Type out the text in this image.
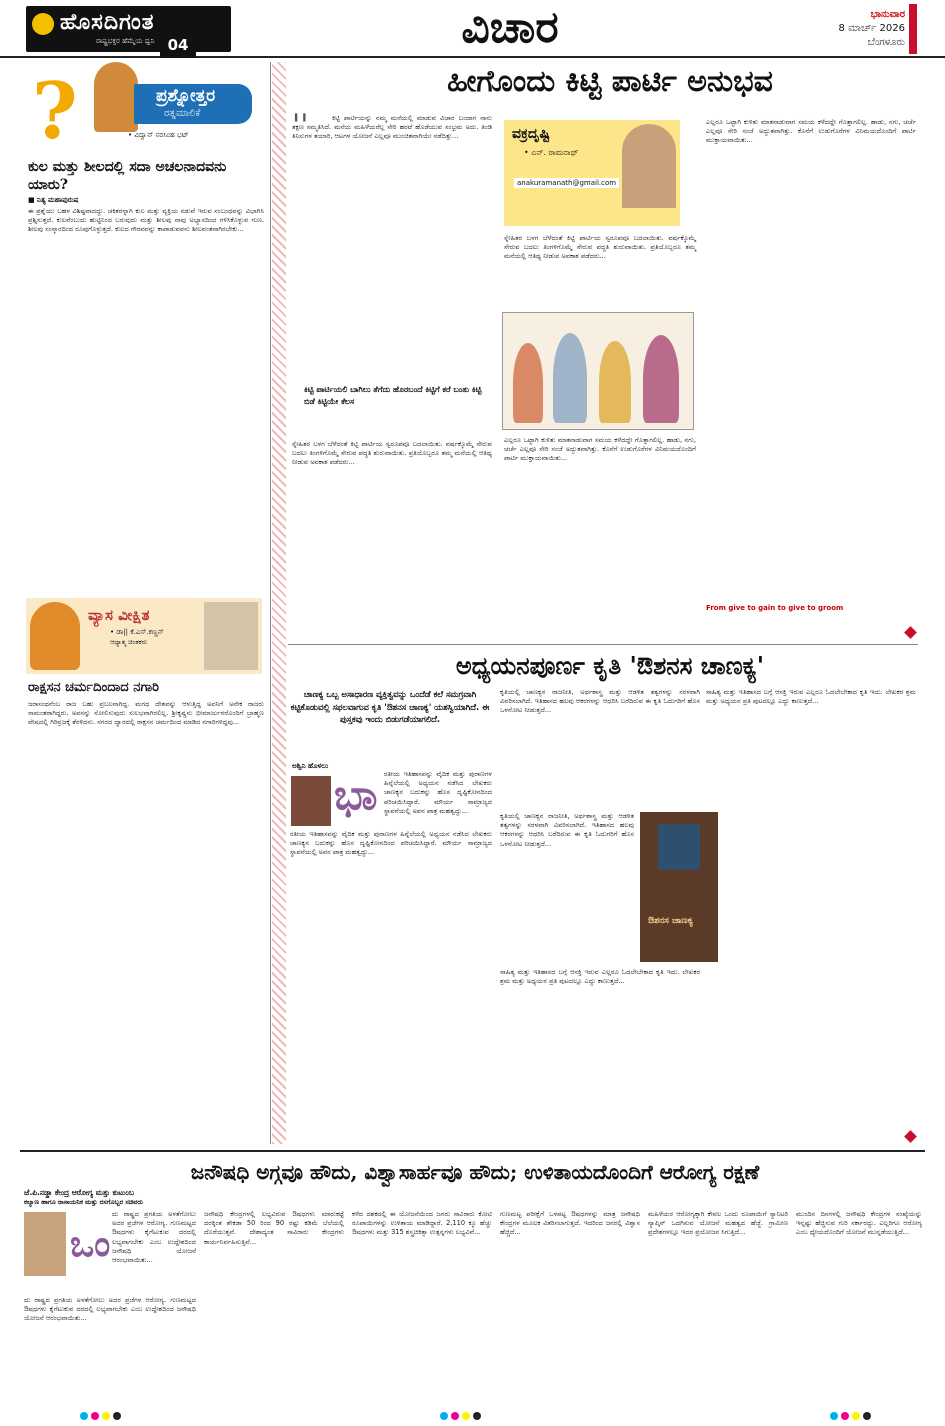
ಹೊಸದಿಗಂತ
ರಾಷ್ಟ್ರಭಕ್ತರ ಹೆಮ್ಮೆಯ ಧ್ವನಿ 04	ವಿಚಾರ	ಭಾನುವಾರ
8 ಮಾರ್ಚ್ 2026
ಬೆಂಗಳೂರು
?	ಪ್ರಶ್ನೋತ್ತರ
ರತ್ನಮಾಲಿಕೆ
• ವಿದ್ವಾನ್ ನರಸಿಂಹ ಭಟ್
ಕುಲ ಮತ್ತು ಶೀಲದಲ್ಲಿ ಸದಾ ಅಚಲನಾದವನು ಯಾರು?
■ ನಿತ್ಯ ಮಹಾಪುರುಷ
ಈ ಪ್ರಶ್ನೆಯು ಬಹಳ ವಿಶಿಷ್ಟವಾದದ್ದು. ಚಕಿತರನ್ನಾಗಿ ಕುಲ ಮತ್ತು ವ್ಯಕ್ತಿಯ ನಡುವೆ ಇರುವ ಸಂಬಂಧವನ್ನು ವಿಭಾಗಿಸಿ ಪ್ರಶ್ನಿಸುತ್ತದೆ. ಕುಲವೆಂಬುದು ಹುಟ್ಟಿನಿಂದ ಬರುವುದು ಮತ್ತು ಶೀಲವು ನಾವು ಅಭ್ಯಾಸದಿಂದ ಗಳಿಸಿಕೊಳ್ಳುವ ಗುಣ. ಶೀಲವು ಸಂಸ್ಕಾರದಿಂದ ರೂಪುಗೊಳ್ಳುತ್ತದೆ. ಕುಲದ ಗೌರವವನ್ನು ಕಾಪಾಡುವವನು ಶೀಲವಂತನಾಗಿರಬೇಕು...
ವ್ಯಾಸ ವೀಕ್ಷಿತ
• ಡಾ|| ಕೆ.ಎಸ್.ಕಣ್ಣನ್
ಆಧ್ಯಾತ್ಮ ಚಿಂತಕರು
ರಾಕ್ಷಸನ ಚರ್ಮದಿಂದಾದ ನಗಾರಿ
ಜರಾಸಂಧನೆಂಬ ರಾಜ ಬಹು ಪ್ರಬಲನಾಗಿದ್ದ. ಮಗಧ ದೇಶವನ್ನು ಆಳುತ್ತಿದ್ದ ಅವನಿಗೆ ಅನೇಕ ರಾಜರು ಸಾಮಂತರಾಗಿದ್ದರು. ಅವನನ್ನು ಸೋಲಿಸುವುದು ಸುಲಭವಾಗಿರಲಿಲ್ಲ. ಶ್ರೀಕೃಷ್ಣನು ಭೀಮಾರ್ಜುನರೊಂದಿಗೆ ಬ್ರಾಹ್ಮಣ ವೇಷದಲ್ಲಿ ಗಿರಿವ್ರಜಕ್ಕೆ ತೆರಳಿದನು. ನಗರದ ದ್ವಾರದಲ್ಲಿ ರಾಕ್ಷಸನ ಚರ್ಮದಿಂದ ಮಾಡಿದ ನಗಾರಿಗಳಿದ್ದವು...
ಹೀಗೊಂದು ಕಿಟ್ಟಿ ಪಾರ್ಟಿ ಅನುಭವ
''	ಕಿಟ್ಟಿ ಪಾರ್ಟಿಯನ್ನು ನಮ್ಮ ಮನೆಯಲ್ಲಿ ಮಾಡುವ ವಿಚಾರ ಬಂದಾಗ ನಾನು ತಕ್ಷಣ ಸಮ್ಮತಿಸಿದೆ. ಮನೆಯ ಮಹಿಳೆಯರೆಲ್ಲ ಸೇರಿ ಹರಟೆ ಹೊಡೆಯುವ ಸಂಭ್ರಮ ಅದು. ತಿಂಡಿ ತಿನಿಸುಗಳ ತಯಾರಿ, ಆಟಗಳ ಯೋಜನೆ ಎಲ್ಲವೂ ಮುಂಚಿತವಾಗಿಯೇ ನಡೆದಿತ್ತು...
ಕಿಟ್ಟಿ ಪಾರ್ಟಿಯಲಿ ಬಾಗಿಲು ತೆಗೆದು ಹೊರಬಂದೆ ಕಿಟ್ಟಿಗೆ ಕರೆ ಬಂತು ಕಿಟ್ಟಿ ಬಿಡೆ ಕಿಟ್ಟಿಯೇ ಕೆಲಸ
ಸ್ನೇಹಿತರ ಬಳಗ ಬೆಳೆದಂತೆ ಕಿಟ್ಟಿ ಪಾರ್ಟಿಯ ಸ್ವರೂಪವೂ ಬದಲಾಯಿತು. ವರ್ಷಕ್ಕೊಮ್ಮೆ ಸೇರುವ ಬದಲು ತಿಂಗಳಿಗೊಮ್ಮೆ ಸೇರುವ ಪದ್ಧತಿ ಶುರುವಾಯಿತು. ಪ್ರತಿಯೊಬ್ಬರೂ ತಮ್ಮ ಮನೆಯಲ್ಲಿ ಆತಿಥ್ಯ ನೀಡುವ ಅವಕಾಶ ಪಡೆದರು...
ವಕ್ರದೃಷ್ಟಿ
• ಎನ್. ರಾಮನಾಥ್
anakuramanath@gmail.com
ಸ್ನೇಹಿತರ ಬಳಗ ಬೆಳೆದಂತೆ ಕಿಟ್ಟಿ ಪಾರ್ಟಿಯ ಸ್ವರೂಪವೂ ಬದಲಾಯಿತು. ವರ್ಷಕ್ಕೊಮ್ಮೆ ಸೇರುವ ಬದಲು ತಿಂಗಳಿಗೊಮ್ಮೆ ಸೇರುವ ಪದ್ಧತಿ ಶುರುವಾಯಿತು. ಪ್ರತಿಯೊಬ್ಬರೂ ತಮ್ಮ ಮನೆಯಲ್ಲಿ ಆತಿಥ್ಯ ನೀಡುವ ಅವಕಾಶ ಪಡೆದರು...
ಎಲ್ಲರೂ ಒಟ್ಟಾಗಿ ಕುಳಿತು ಮಾತನಾಡುವಾಗ ಸಮಯ ಕಳೆದದ್ದೇ ಗೊತ್ತಾಗಲಿಲ್ಲ. ಹಾಡು, ನಗು, ಚರ್ಚೆ ಎಲ್ಲವೂ ಸೇರಿ ಸಂಜೆ ಅದ್ಭುತವಾಗಿತ್ತು. ಕೊನೆಗೆ ಉಡುಗೊರೆಗಳ ವಿನಿಮಯದೊಂದಿಗೆ ಪಾರ್ಟಿ ಮುಕ್ತಾಯವಾಯಿತು...
ಎಲ್ಲರೂ ಒಟ್ಟಾಗಿ ಕುಳಿತು ಮಾತನಾಡುವಾಗ ಸಮಯ ಕಳೆದದ್ದೇ ಗೊತ್ತಾಗಲಿಲ್ಲ. ಹಾಡು, ನಗು, ಚರ್ಚೆ ಎಲ್ಲವೂ ಸೇರಿ ಸಂಜೆ ಅದ್ಭುತವಾಗಿತ್ತು. ಕೊನೆಗೆ ಉಡುಗೊರೆಗಳ ವಿನಿಮಯದೊಂದಿಗೆ ಪಾರ್ಟಿ ಮುಕ್ತಾಯವಾಯಿತು...
From give to gain to give to groom
ಅಧ್ಯಯನಪೂರ್ಣ ಕೃತಿ 'ಔಶನಸ ಚಾಣಕ್ಯ'
ಚಾಣಕ್ಯ ಒಬ್ಬ ಅಸಾಧಾರಣ ವ್ಯಕ್ತಿತ್ವವನ್ನು ಒಂದೆಡೆ ಕಲೆ ಸಮಗ್ರವಾಗಿ ಕಟ್ಟಿಕೊಡುವಲ್ಲಿ ಸಫಲವಾಗುವ ಕೃತಿ 'ಔಶನಸ ಚಾಣಕ್ಯ' ಯಶಸ್ವಿಯಾಗಿದೆ. ಈ ಪುಸ್ತಕವು ಇಂದು ಬಿಡುಗಡೆಯಾಗಲಿದೆ.
ಅಶ್ವಿನಿ ಹೊಳಲು
ಭಾ ರತೀಯ ಇತಿಹಾಸವನ್ನು ವೈದಿಕ ಮತ್ತು ಪುರಾಣಗಳ ಹಿನ್ನೆಲೆಯಲ್ಲಿ ಅಧ್ಯಯನ ನಡೆಸಿದ ಲೇಖಕರು ಚಾಣಕ್ಯನ ಬದುಕನ್ನು ಹೊಸ ದೃಷ್ಟಿಕೋನದಿಂದ ಪರಿಚಯಿಸಿದ್ದಾರೆ. ಮೌರ್ಯ ಸಾಮ್ರಾಜ್ಯದ ಸ್ಥಾಪನೆಯಲ್ಲಿ ಅವನ ಪಾತ್ರ ಮಹತ್ವದ್ದು...
ರತೀಯ ಇತಿಹಾಸವನ್ನು ವೈದಿಕ ಮತ್ತು ಪುರಾಣಗಳ ಹಿನ್ನೆಲೆಯಲ್ಲಿ ಅಧ್ಯಯನ ನಡೆಸಿದ ಲೇಖಕರು ಚಾಣಕ್ಯನ ಬದುಕನ್ನು ಹೊಸ ದೃಷ್ಟಿಕೋನದಿಂದ ಪರಿಚಯಿಸಿದ್ದಾರೆ. ಮೌರ್ಯ ಸಾಮ್ರಾಜ್ಯದ ಸ್ಥಾಪನೆಯಲ್ಲಿ ಅವನ ಪಾತ್ರ ಮಹತ್ವದ್ದು...
ಕೃತಿಯಲ್ಲಿ ಚಾಣಕ್ಯನ ರಾಜನೀತಿ, ಅರ್ಥಶಾಸ್ತ್ರ ಮತ್ತು ಆಡಳಿತ ತತ್ವಗಳನ್ನು ಸರಳವಾಗಿ ವಿವರಿಸಲಾಗಿದೆ. ಇತಿಹಾಸದ ಹಲವು ಆಕರಗಳನ್ನು ಆಧರಿಸಿ ಬರೆದಿರುವ ಈ ಕೃತಿ ಓದುಗರಿಗೆ ಹೊಸ ಒಳನೋಟ ನೀಡುತ್ತದೆ...
ಕೃತಿಯಲ್ಲಿ ಚಾಣಕ್ಯನ ರಾಜನೀತಿ, ಅರ್ಥಶಾಸ್ತ್ರ ಮತ್ತು ಆಡಳಿತ ತತ್ವಗಳನ್ನು ಸರಳವಾಗಿ ವಿವರಿಸಲಾಗಿದೆ. ಇತಿಹಾಸದ ಹಲವು ಆಕರಗಳನ್ನು ಆಧರಿಸಿ ಬರೆದಿರುವ ಈ ಕೃತಿ ಓದುಗರಿಗೆ ಹೊಸ ಒಳನೋಟ ನೀಡುತ್ತದೆ...
ಔಶನಸ ಚಾಣಕ್ಯ
ಸಾಹಿತ್ಯ ಮತ್ತು ಇತಿಹಾಸದ ಬಗ್ಗೆ ಆಸಕ್ತಿ ಇರುವ ಎಲ್ಲರೂ ಓದಲೇಬೇಕಾದ ಕೃತಿ ಇದು. ಲೇಖಕರ ಶ್ರಮ ಮತ್ತು ಅಧ್ಯಯನ ಪ್ರತಿ ಪುಟದಲ್ಲೂ ಎದ್ದು ಕಾಣುತ್ತದೆ...
ಸಾಹಿತ್ಯ ಮತ್ತು ಇತಿಹಾಸದ ಬಗ್ಗೆ ಆಸಕ್ತಿ ಇರುವ ಎಲ್ಲರೂ ಓದಲೇಬೇಕಾದ ಕೃತಿ ಇದು. ಲೇಖಕರ ಶ್ರಮ ಮತ್ತು ಅಧ್ಯಯನ ಪ್ರತಿ ಪುಟದಲ್ಲೂ ಎದ್ದು ಕಾಣುತ್ತದೆ...
ಜನೌಷಧಿ ಅಗ್ಗವೂ ಹೌದು, ವಿಶ್ವಾಸಾರ್ಹವೂ ಹೌದು; ಉಳಿತಾಯದೊಂದಿಗೆ ಆರೋಗ್ಯ ರಕ್ಷಣೆ
ಜೆ.ಪಿ.ನಡ್ಡಾ ಕೇಂದ್ರ ಆರೋಗ್ಯ ಮತ್ತು ಕುಟುಂಬ
ಕಲ್ಯಾಣ ಹಾಗೂ ರಾಸಾಯನಿಕ ಮತ್ತು ರಸಗೊಬ್ಬರ ಸಚಿವರು
ಒಂ
ದು ರಾಷ್ಟ್ರದ ಪ್ರಗತಿಯ ಅಳತೆಗೋಲು ಅದರ ಪ್ರಜೆಗಳ ಆರೋಗ್ಯ. ಗುಣಮಟ್ಟದ ಔಷಧಗಳು ಕೈಗೆಟುಕುವ ದರದಲ್ಲಿ ಲಭ್ಯವಾಗಬೇಕು ಎಂಬ ಉದ್ದೇಶದಿಂದ ಜನೌಷಧಿ ಯೋಜನೆ ಆರಂಭವಾಯಿತು...
ದು ರಾಷ್ಟ್ರದ ಪ್ರಗತಿಯ ಅಳತೆಗೋಲು ಅದರ ಪ್ರಜೆಗಳ ಆರೋಗ್ಯ. ಗುಣಮಟ್ಟದ ಔಷಧಗಳು ಕೈಗೆಟುಕುವ ದರದಲ್ಲಿ ಲಭ್ಯವಾಗಬೇಕು ಎಂಬ ಉದ್ದೇಶದಿಂದ ಜನೌಷಧಿ ಯೋಜನೆ ಆರಂಭವಾಯಿತು...
ಜನೌಷಧಿ ಕೇಂದ್ರಗಳಲ್ಲಿ ಲಭ್ಯವಿರುವ ಔಷಧಗಳು ಮಾರುಕಟ್ಟೆ ದರಕ್ಕಿಂತ ಶೇಕಡಾ 50 ರಿಂದ 90 ರಷ್ಟು ಕಡಿಮೆ ಬೆಲೆಯಲ್ಲಿ ದೊರೆಯುತ್ತವೆ. ದೇಶಾದ್ಯಂತ ಸಾವಿರಾರು ಕೇಂದ್ರಗಳು ಕಾರ್ಯನಿರ್ವಹಿಸುತ್ತಿವೆ...
ಕಳೆದ ದಶಕದಲ್ಲಿ ಈ ಯೋಜನೆಯಿಂದ ಜನರು ಸಾವಿರಾರು ಕೋಟಿ ರೂಪಾಯಿಗಳನ್ನು ಉಳಿತಾಯ ಮಾಡಿದ್ದಾರೆ. 2,110 ಕ್ಕೂ ಹೆಚ್ಚು ಔಷಧಗಳು ಮತ್ತು 315 ಶಸ್ತ್ರಚಿಕಿತ್ಸಾ ಉತ್ಪನ್ನಗಳು ಲಭ್ಯವಿವೆ...
ಗುಣಮಟ್ಟ ಪರೀಕ್ಷೆಗೆ ಒಳಪಟ್ಟ ಔಷಧಗಳನ್ನು ಮಾತ್ರ ಜನೌಷಧಿ ಕೇಂದ್ರಗಳ ಮೂಲಕ ವಿತರಿಸಲಾಗುತ್ತದೆ. ಇದರಿಂದ ಜನರಲ್ಲಿ ವಿಶ್ವಾಸ ಹೆಚ್ಚಿದೆ...
ಮಹಿಳೆಯರ ಆರೋಗ್ಯಕ್ಕಾಗಿ ಕೇವಲ ಒಂದು ರೂಪಾಯಿಗೆ ಸ್ಯಾನಿಟರಿ ನ್ಯಾಪ್ಕಿನ್ ಒದಗಿಸುವ ಯೋಜನೆ ಮಹತ್ವದ ಹೆಜ್ಜೆ. ಗ್ರಾಮೀಣ ಪ್ರದೇಶಗಳಲ್ಲೂ ಇದರ ಪ್ರಯೋಜನ ಸಿಗುತ್ತಿದೆ...
ಮುಂದಿನ ದಿನಗಳಲ್ಲಿ ಜನೌಷಧಿ ಕೇಂದ್ರಗಳ ಸಂಖ್ಯೆಯನ್ನು ಇನ್ನಷ್ಟು ಹೆಚ್ಚಿಸುವ ಗುರಿ ಸರ್ಕಾರದ್ದು. ಎಲ್ಲರಿಗೂ ಆರೋಗ್ಯ ಎಂಬ ಧ್ಯೇಯದೊಂದಿಗೆ ಯೋಜನೆ ಮುನ್ನಡೆಯುತ್ತಿದೆ...
